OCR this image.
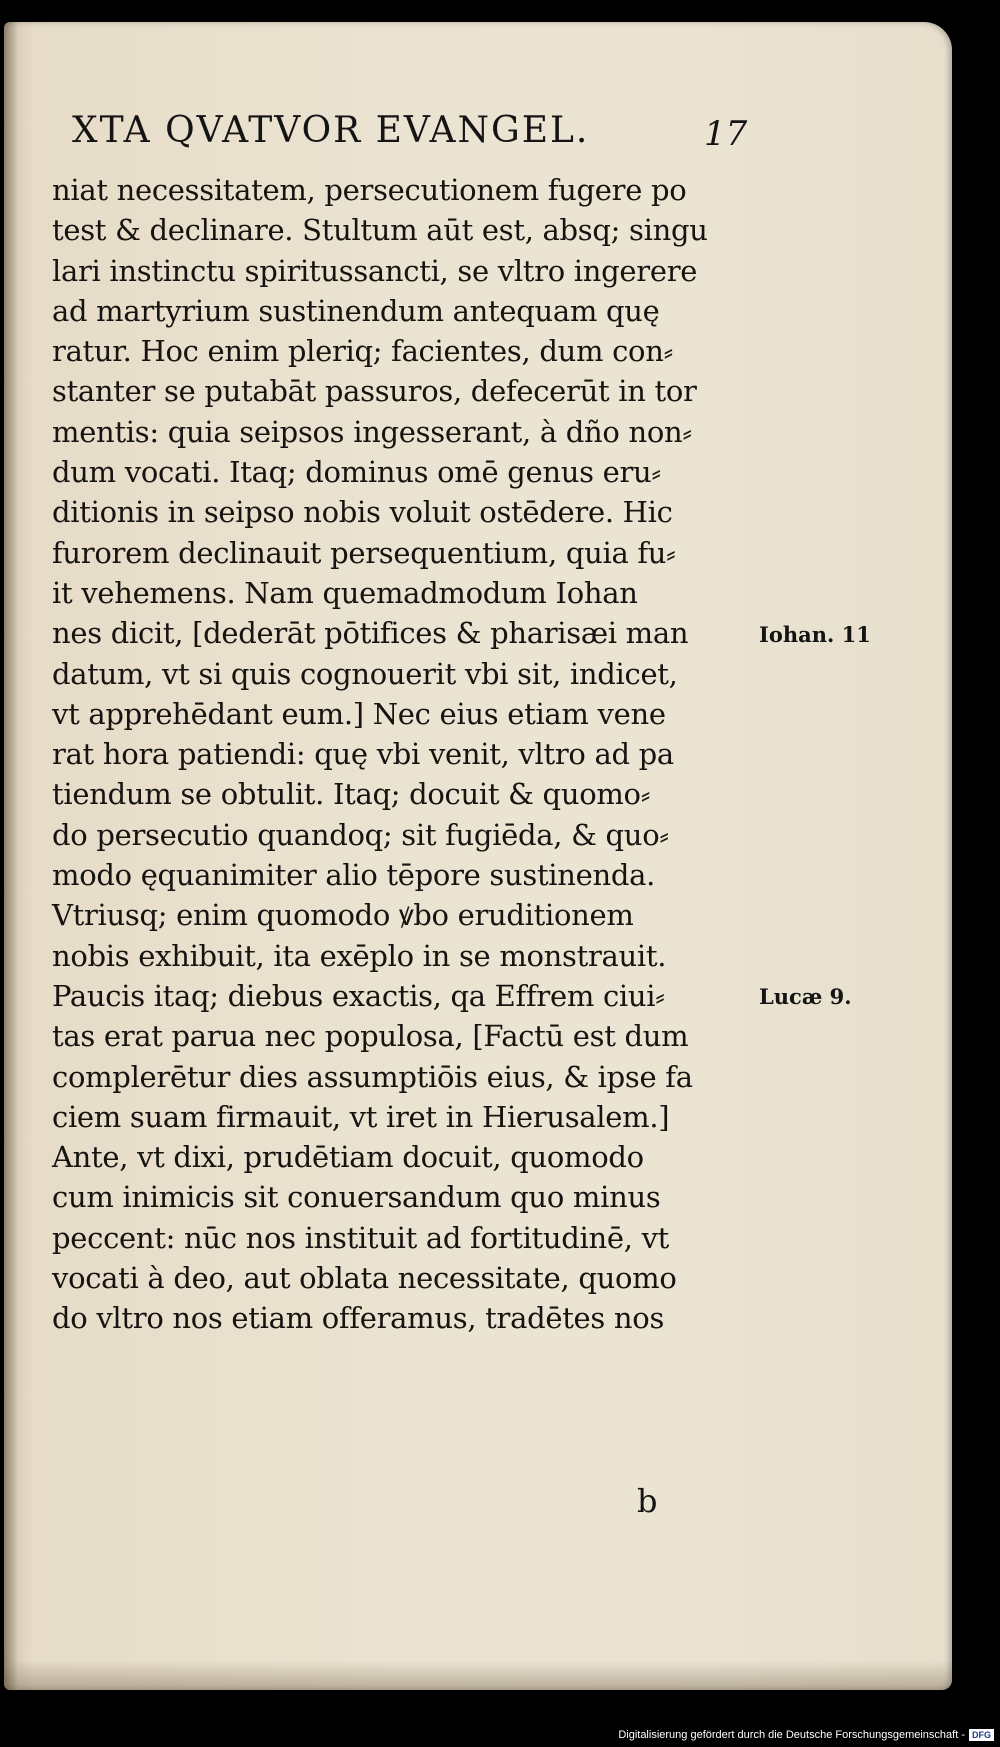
XTA QVATVOR EVANGEL.	17
niat necessitatem, persecutionem fugere po
test & declinare. Stultum aūt est, absq; singu
lari instinctu spiritussancti, se vltro ingerere
ad martyrium sustinendum antequam quę
ratur. Hoc enim pleriq; facientes, dum con⸗
stanter se putabāt passuros, defecerūt in tor
mentis: quia seipsos ingesserant, à dño non⸗
dum vocati. Itaq; dominus omē genus eru⸗
ditionis in seipso nobis voluit ostēdere. Hic
furorem declinauit persequentium, quia fu⸗
it vehemens. Nam quemadmodum Iohan
nes dicit, [dederāt pōtifices & pharisæi man
datum, vt si quis cognouerit vbi sit, indicet,
vt apprehēdant eum.] Nec eius etiam vene
rat hora patiendi: quę vbi venit, vltro ad pa
tiendum se obtulit. Itaq; docuit & quomo⸗
do persecutio quandoq; sit fugiēda, & quo⸗
modo ęquanimiter alio tēpore sustinenda.
Vtriusq; enim quomodo ꝟbo eruditionem
nobis exhibuit, ita exēplo in se monstrauit.
Paucis itaq; diebus exactis, qa Effrem ciui⸗
tas erat parua nec populosa, [Factū est dum
complerētur dies assumptiōis eius, & ipse fa
ciem suam firmauit, vt iret in Hierusalem.]
Ante, vt dixi, prudētiam docuit, quomodo
cum inimicis sit conuersandum quo minus
peccent: nūc nos instituit ad fortitudinē, vt
vocati à deo, aut oblata necessitate, quomo
do vltro nos etiam offeramus, tradētes nos
Iohan. 11
Lucæ 9.
b
Digitalisierung gefördert durch die Deutsche Forschungsgemeinschaft - DFG
